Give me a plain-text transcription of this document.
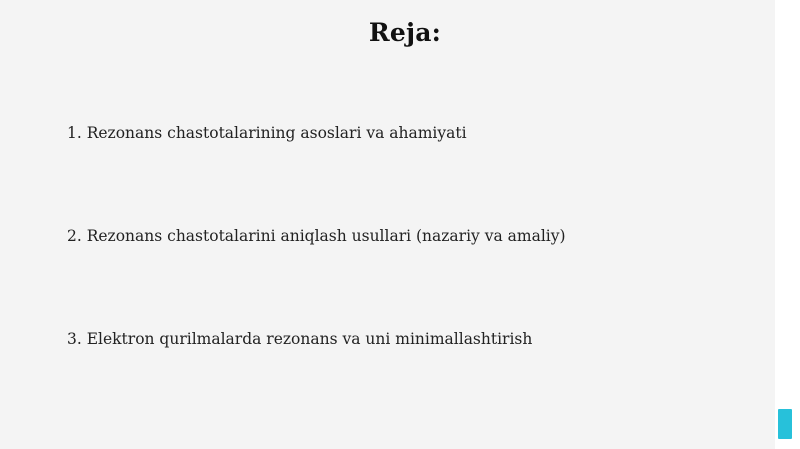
Reja:

1. Rezonans chastotalarining asoslari va ahamiyati

2. Rezonans chastotalarini aniqlash usullari (nazariy va amaliy)

3. Elektron qurilmalarda rezonans va uni minimallashtirish
